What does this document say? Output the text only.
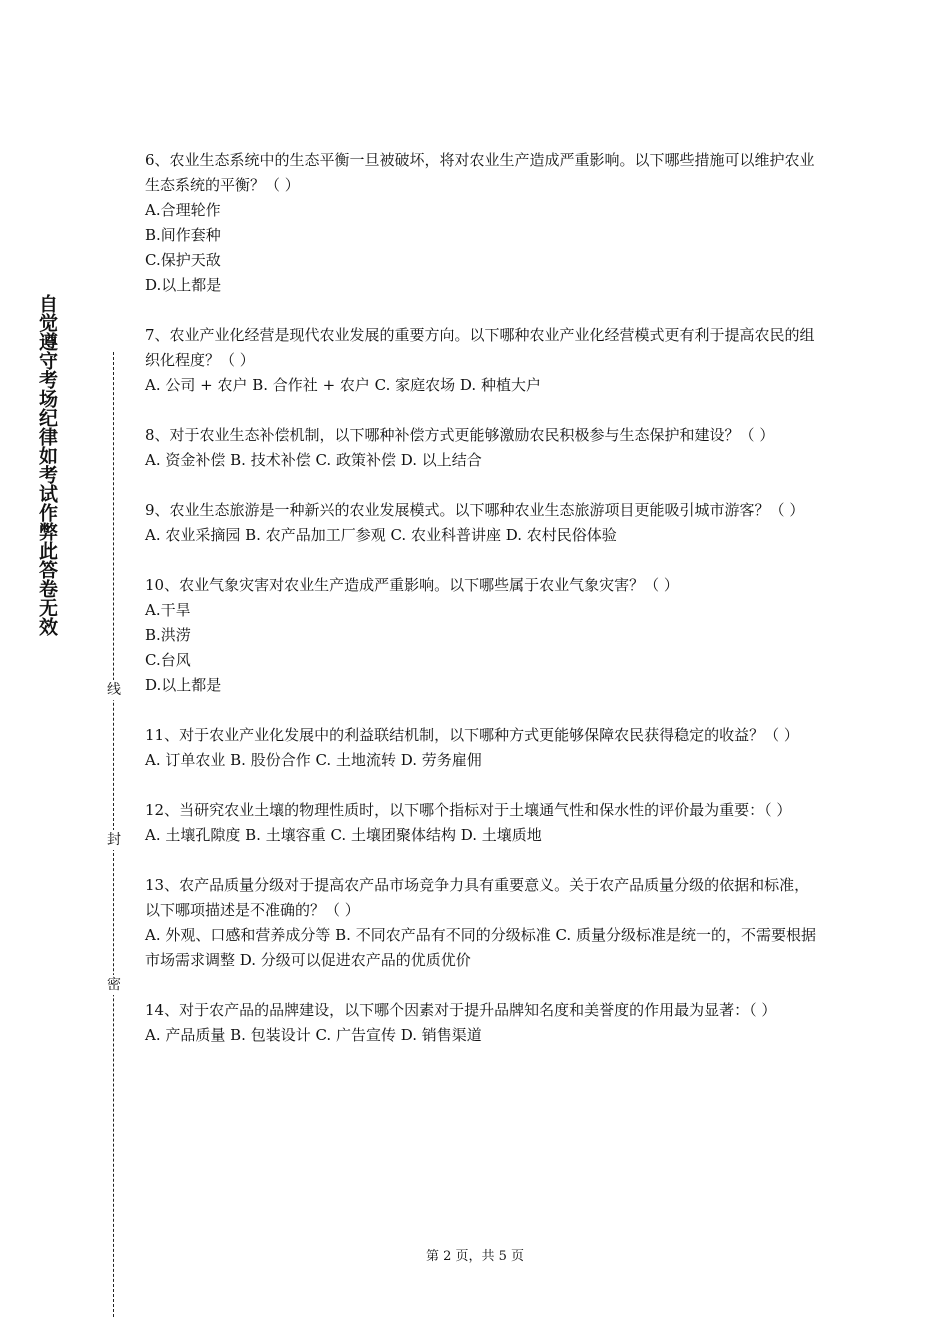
自觉遵守考场纪律如考试作弊此答卷无效
线
封
密
6、农业生态系统中的生态平衡一旦被破坏，将对农业生产造成严重影响。以下哪些措施可以维护农业生态系统的平衡？（ ）
A.合理轮作
B.间作套种
C.保护天敌
D.以上都是
7、农业产业化经营是现代农业发展的重要方向。以下哪种农业产业化经营模式更有利于提高农民的组织化程度？（ ）
A. 公司 + 农户 B. 合作社 + 农户 C. 家庭农场 D. 种植大户
8、对于农业生态补偿机制，以下哪种补偿方式更能够激励农民积极参与生态保护和建设？（ ）
A. 资金补偿 B. 技术补偿 C. 政策补偿 D. 以上结合
9、农业生态旅游是一种新兴的农业发展模式。以下哪种农业生态旅游项目更能吸引城市游客？（ ）
A. 农业采摘园 B. 农产品加工厂参观 C. 农业科普讲座 D. 农村民俗体验
10、农业气象灾害对农业生产造成严重影响。以下哪些属于农业气象灾害？（ ）
A.干旱
B.洪涝
C.台风
D.以上都是
11、对于农业产业化发展中的利益联结机制，以下哪种方式更能够保障农民获得稳定的收益？（ ）
A. 订单农业 B. 股份合作 C. 土地流转 D. 劳务雇佣
12、当研究农业土壤的物理性质时，以下哪个指标对于土壤通气性和保水性的评价最为重要：（ ）
A. 土壤孔隙度 B. 土壤容重 C. 土壤团聚体结构 D. 土壤质地
13、农产品质量分级对于提高农产品市场竞争力具有重要意义。关于农产品质量分级的依据和标准，以下哪项描述是不准确的？（ ）
A. 外观、口感和营养成分等 B. 不同农产品有不同的分级标准 C. 质量分级标准是统一的，不需要根据市场需求调整 D. 分级可以促进农产品的优质优价
14、对于农产品的品牌建设，以下哪个因素对于提升品牌知名度和美誉度的作用最为显著：（ ）
A. 产品质量 B. 包装设计 C. 广告宣传 D. 销售渠道
第 2 页，共 5 页
